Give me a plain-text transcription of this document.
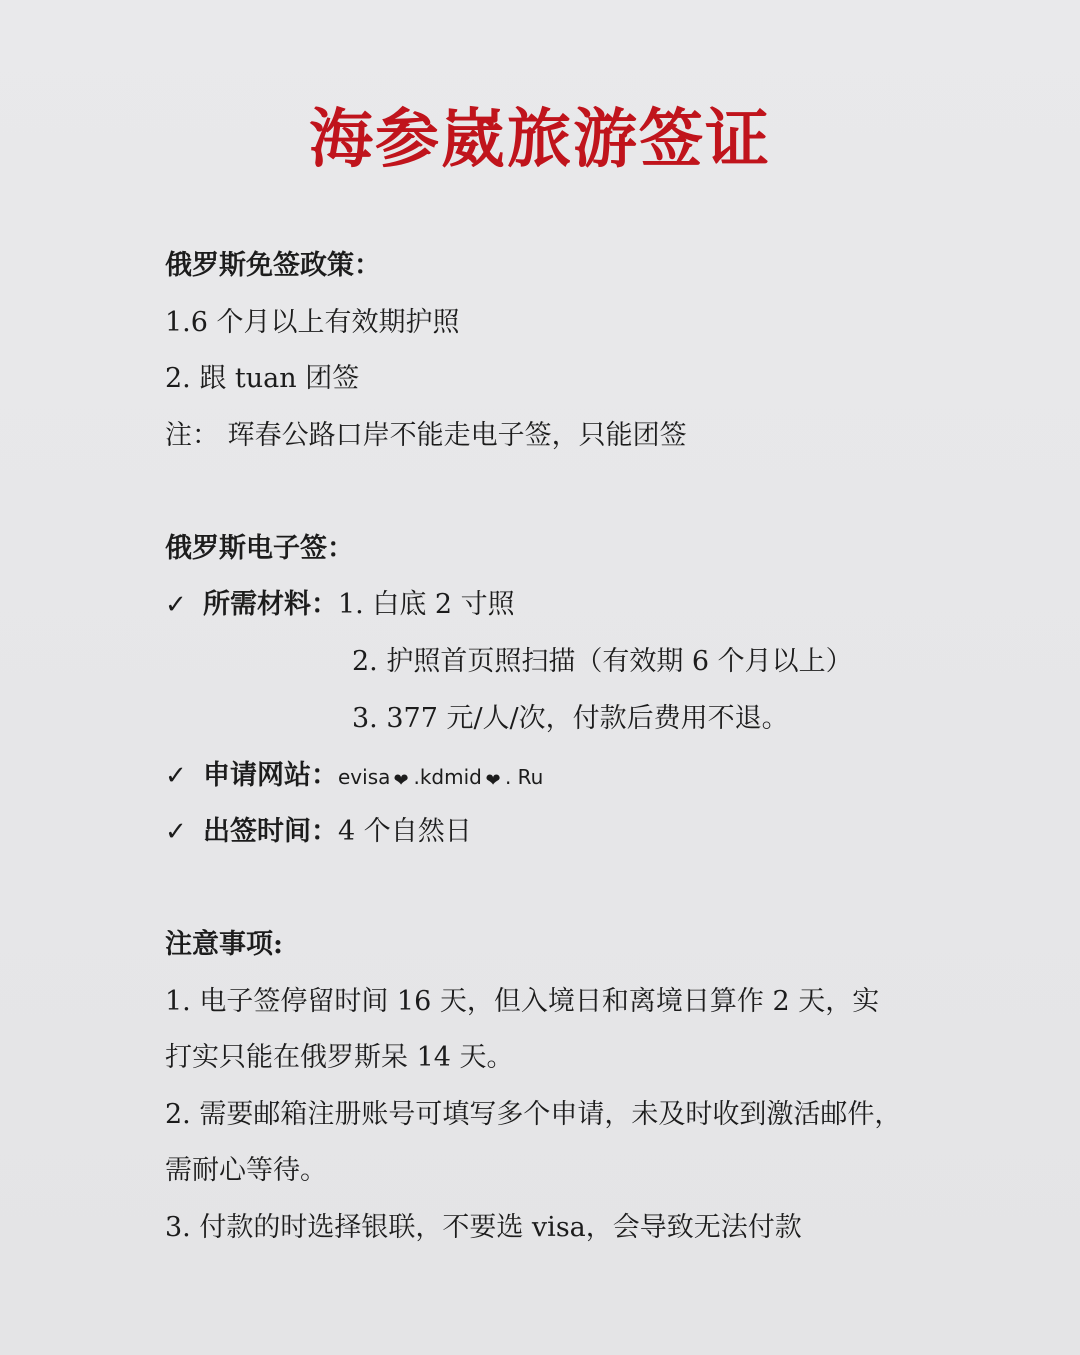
海参崴旅游签证
俄罗斯免签政策：
1.6 个月以上有效期护照
2. 跟 tuan 团签
注： 珲春公路口岸不能走电子签，只能团签
俄罗斯电子签：
✓ 所需材料：1. 白底 2 寸照
2. 护照首页照扫描（有效期 6 个月以上）
3. 377 元/人/次，付款后费用不退。
✓ 申请网站：evisa❥ .kdmid❥ . Ru
✓ 出签时间：4 个自然日
注意事项:
1. 电子签停留时间 16 天，但入境日和离境日算作 2 天，实
打实只能在俄罗斯呆 14 天。
2. 需要邮箱注册账号可填写多个申请，未及时收到激活邮件，
需耐心等待。
3. 付款的时选择银联，不要选 visa，会导致无法付款
